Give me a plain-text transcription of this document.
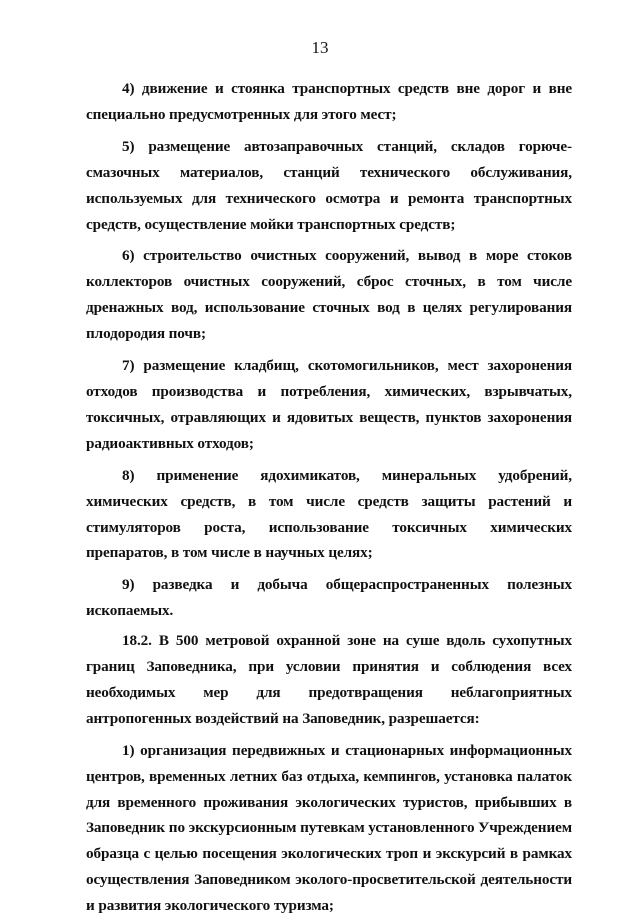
13

4) движение и стоянка транспортных средств вне дорог и вне специально предусмотренных для этого мест;

5) размещение автозаправочных станций, складов горюче-смазочных материалов, станций технического обслуживания, используемых для технического осмотра и ремонта транспортных средств, осуществление мойки транспортных средств;

6) строительство очистных сооружений, вывод в море стоков коллекторов очистных сооружений, сброс сточных, в том числе дренажных вод, использование сточных вод в целях регулирования плодородия почв;

7) размещение кладбищ, скотомогильников, мест захоронения отходов производства и потребления, химических, взрывчатых, токсичных, отравляющих и ядовитых веществ, пунктов захоронения радиоактивных отходов;

8) применение ядохимикатов, минеральных удобрений, химических средств, в том числе средств защиты растений и стимуляторов роста, использование токсичных химических препаратов, в том числе в научных целях;

9) разведка и добыча общераспространенных полезных ископаемых.

18.2. В 500 метровой охранной зоне на суше вдоль сухопутных границ Заповедника, при условии принятия и соблюдения всех необходимых мер для предотвращения неблагоприятных антропогенных воздействий на Заповедник, разрешается:

1) организация передвижных и стационарных информационных центров, временных летних баз отдыха, кемпингов, установка палаток для временного проживания экологических туристов, прибывших в Заповедник по экскурсионным путевкам установленного Учреждением образца с целью посещения экологических троп и экскурсий в рамках осуществления Заповедником эколого-просветительской деятельности и развития экологического туризма;
